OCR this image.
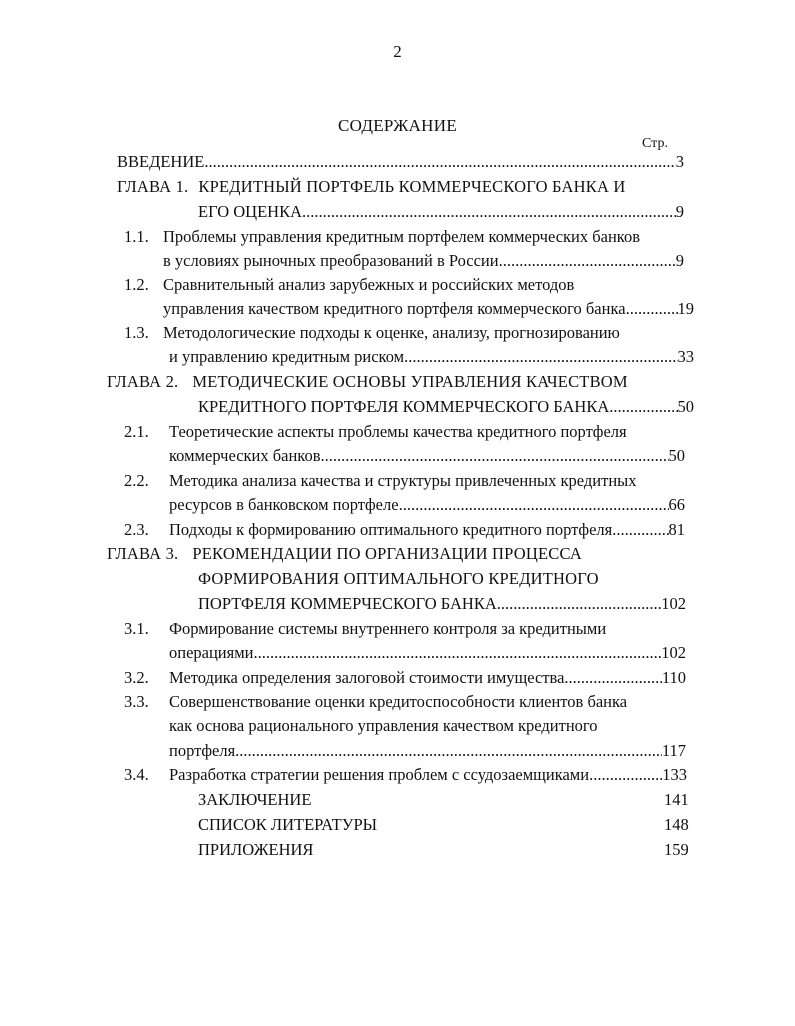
2
СОДЕРЖАНИЕ
Стр.
ВВЕДЕНИЕ .....	3
ГЛАВА 1. КРЕДИТНЫЙ ПОРТФЕЛЬ КОММЕРЧЕСКОГО БАНКА И
ЕГО ОЦЕНКА .....	9
1.1. Проблемы управления кредитным портфелем коммерческих банков
в условиях рыночных преобразований в России .....	9
1.2. Сравнительный анализ зарубежных и российских методов
управления качеством кредитного портфеля коммерческого банка .....	19
1.3. Методологические подходы к оценке, анализу, прогнозированию
и управлению кредитным риском .....	33
ГЛАВА 2. МЕТОДИЧЕСКИЕ ОСНОВЫ УПРАВЛЕНИЯ КАЧЕСТВОМ
КРЕДИТНОГО ПОРТФЕЛЯ КОММЕРЧЕСКОГО БАНКА .....	50
2.1. Теоретические аспекты проблемы качества кредитного портфеля
коммерческих банков .....	50
2.2. Методика анализа качества и структуры привлеченных кредитных
ресурсов в банковском портфеле .....	66
2.3. Подходы к формированию оптимального кредитного портфеля .....	81
ГЛАВА 3. РЕКОМЕНДАЦИИ ПО ОРГАНИЗАЦИИ ПРОЦЕССА
ФОРМИРОВАНИЯ ОПТИМАЛЬНОГО КРЕДИТНОГО
ПОРТФЕЛЯ КОММЕРЧЕСКОГО БАНКА .....	102
3.1. Формирование системы внутреннего контроля за кредитными
операциями .....	102
3.2. Методика определения залоговой стоимости имущества. .....	110
3.3. Совершенствование оценки кредитоспособности клиентов банка
как основа рационального управления качеством кредитного
портфеля .....	117
3.4. Разработка стратегии решения проблем с ссудозаемщиками .....	133
ЗАКЛЮЧЕНИЕ	141
СПИСОК ЛИТЕРАТУРЫ	148
ПРИЛОЖЕНИЯ	159
